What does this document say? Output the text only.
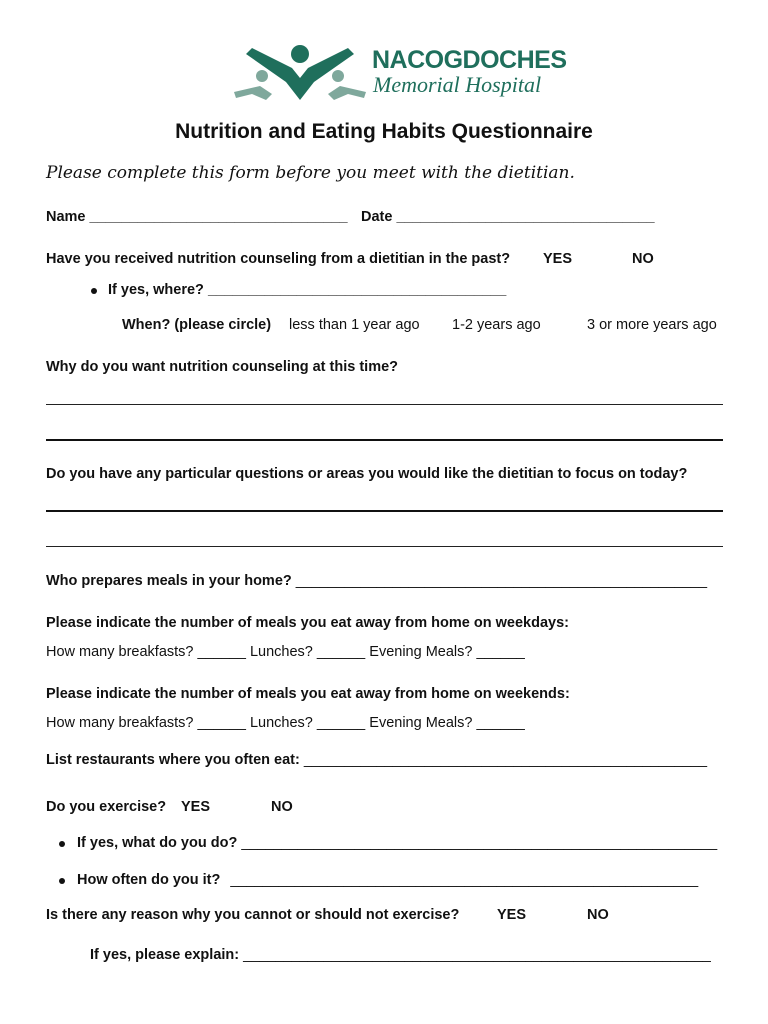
NACOGDOCHES
Memorial Hospital
Nutrition and Eating Habits Questionnaire
Please complete this form before you meet with the dietitian.
Name ________________________________ Date ________________________________
Have you received nutrition counseling from a dietitian in the past? YES	NO
If yes, where? _____________________________________
When? (please circle) less than 1 year ago 1-2 years ago	3 or more years ago
Why do you want nutrition counseling at this time?
Do you have any particular questions or areas you would like the dietitian to focus on today?
Who prepares meals in your home? ___________________________________________________
Please indicate the number of meals you eat away from home on weekdays:
How many breakfasts? ______ Lunches? ______ Evening Meals? ______
Please indicate the number of meals you eat away from home on weekends:
How many breakfasts? ______ Lunches? ______ Evening Meals? ______
List restaurants where you often eat: __________________________________________________
Do you exercise? YES	NO
If yes, what do you do? ___________________________________________________________
How often do you it? __________________________________________________________
Is there any reason why you cannot or should not exercise?	YES	NO
If yes, please explain: __________________________________________________________
